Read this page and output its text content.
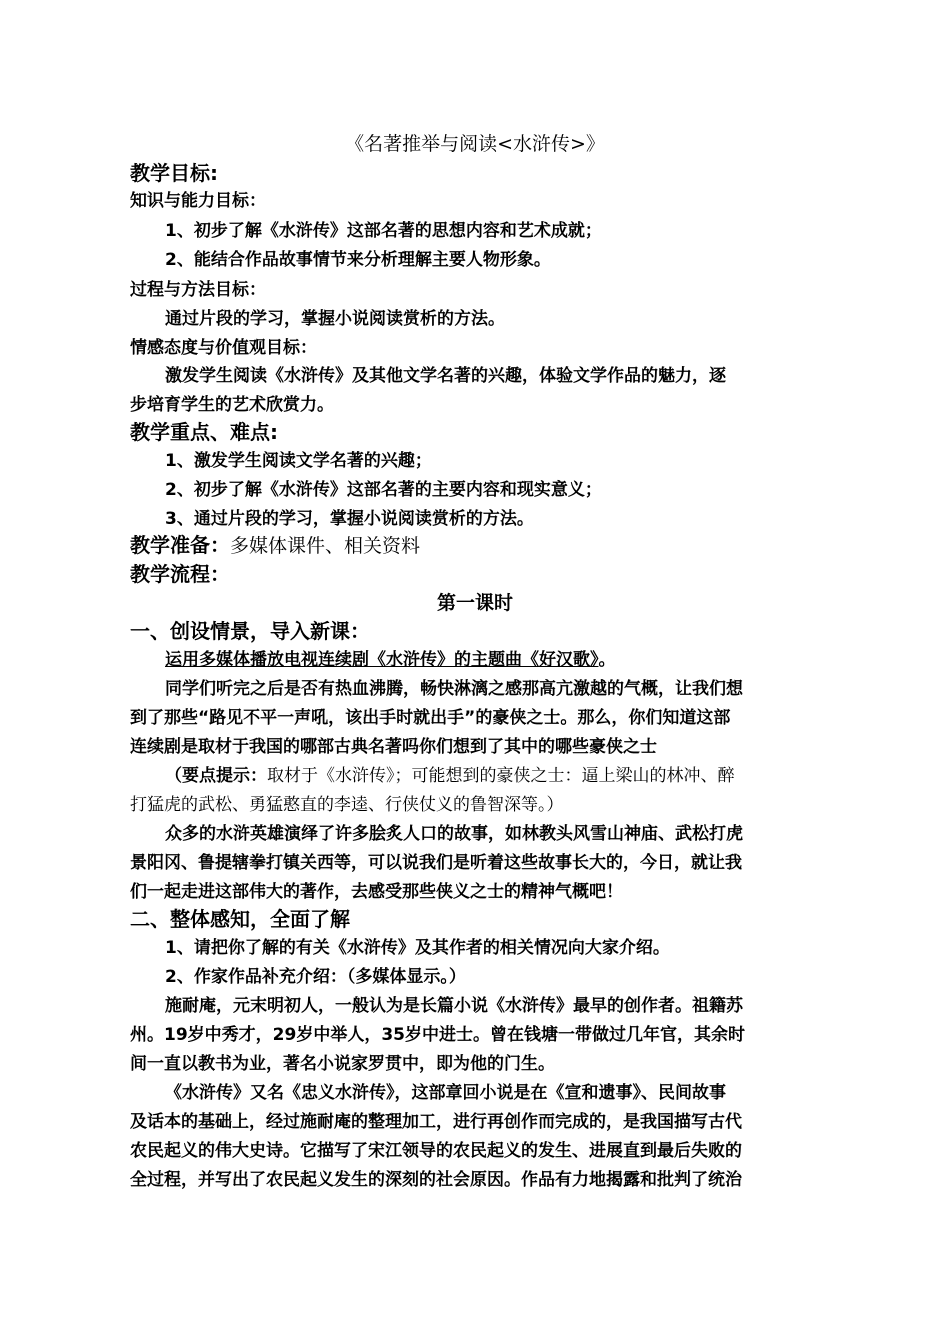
《名著推举与阅读<水浒传>》
教学目标:
知识与能力目标：
1、初步了解《水浒传》这部名著的思想内容和艺术成就；
2、能结合作品故事情节来分析理解主要人物形象。
过程与方法目标：
通过片段的学习，掌握小说阅读赏析的方法。
情感态度与价值观目标：
激发学生阅读《水浒传》及其他文学名著的兴趣，体验文学作品的魅力，逐
步培育学生的艺术欣赏力。
教学重点、难点:
1、激发学生阅读文学名著的兴趣；
2、初步了解《水浒传》这部名著的主要内容和现实意义；
3、通过片段的学习，掌握小说阅读赏析的方法。
教学准备：多媒体课件、相关资料
教学流程：
第一课时
一、创设情景，导入新课：
运用多媒体播放电视连续剧《水浒传》的主题曲《好汉歌》。
同学们听完之后是否有热血沸腾，畅快淋漓之感那高亢激越的气概，让我们想
到了那些“路见不平一声吼，该出手时就出手”的豪侠之士。那么，你们知道这部
连续剧是取材于我国的哪部古典名著吗你们想到了其中的哪些豪侠之士
（要点提示：取材于《水浒传》；可能想到的豪侠之士：逼上梁山的林冲、醉
打猛虎的武松、勇猛憨直的李逵、行侠仗义的鲁智深等。）
众多的水浒英雄演绎了许多脍炙人口的故事，如林教头风雪山神庙、武松打虎
景阳冈、鲁提辖拳打镇关西等，可以说我们是听着这些故事长大的，今日，就让我
们一起走进这部伟大的著作，去感受那些侠义之士的精神气概吧！
二、整体感知，全面了解
1、请把你了解的有关《水浒传》及其作者的相关情况向大家介绍。
2、作家作品补充介绍：（多媒体显示。）
施耐庵，元末明初人，一般认为是长篇小说《水浒传》最早的创作者。祖籍苏
州。19岁中秀才，29岁中举人，35岁中进士。曾在钱塘一带做过几年官，其余时
间一直以教书为业，著名小说家罗贯中，即为他的门生。
《水浒传》又名《忠义水浒传》，这部章回小说是在《宣和遗事》、民间故事
及话本的基础上，经过施耐庵的整理加工，进行再创作而完成的，是我国描写古代
农民起义的伟大史诗。它描写了宋江领导的农民起义的发生、进展直到最后失败的
全过程，并写出了农民起义发生的深刻的社会原因。作品有力地揭露和批判了统治
